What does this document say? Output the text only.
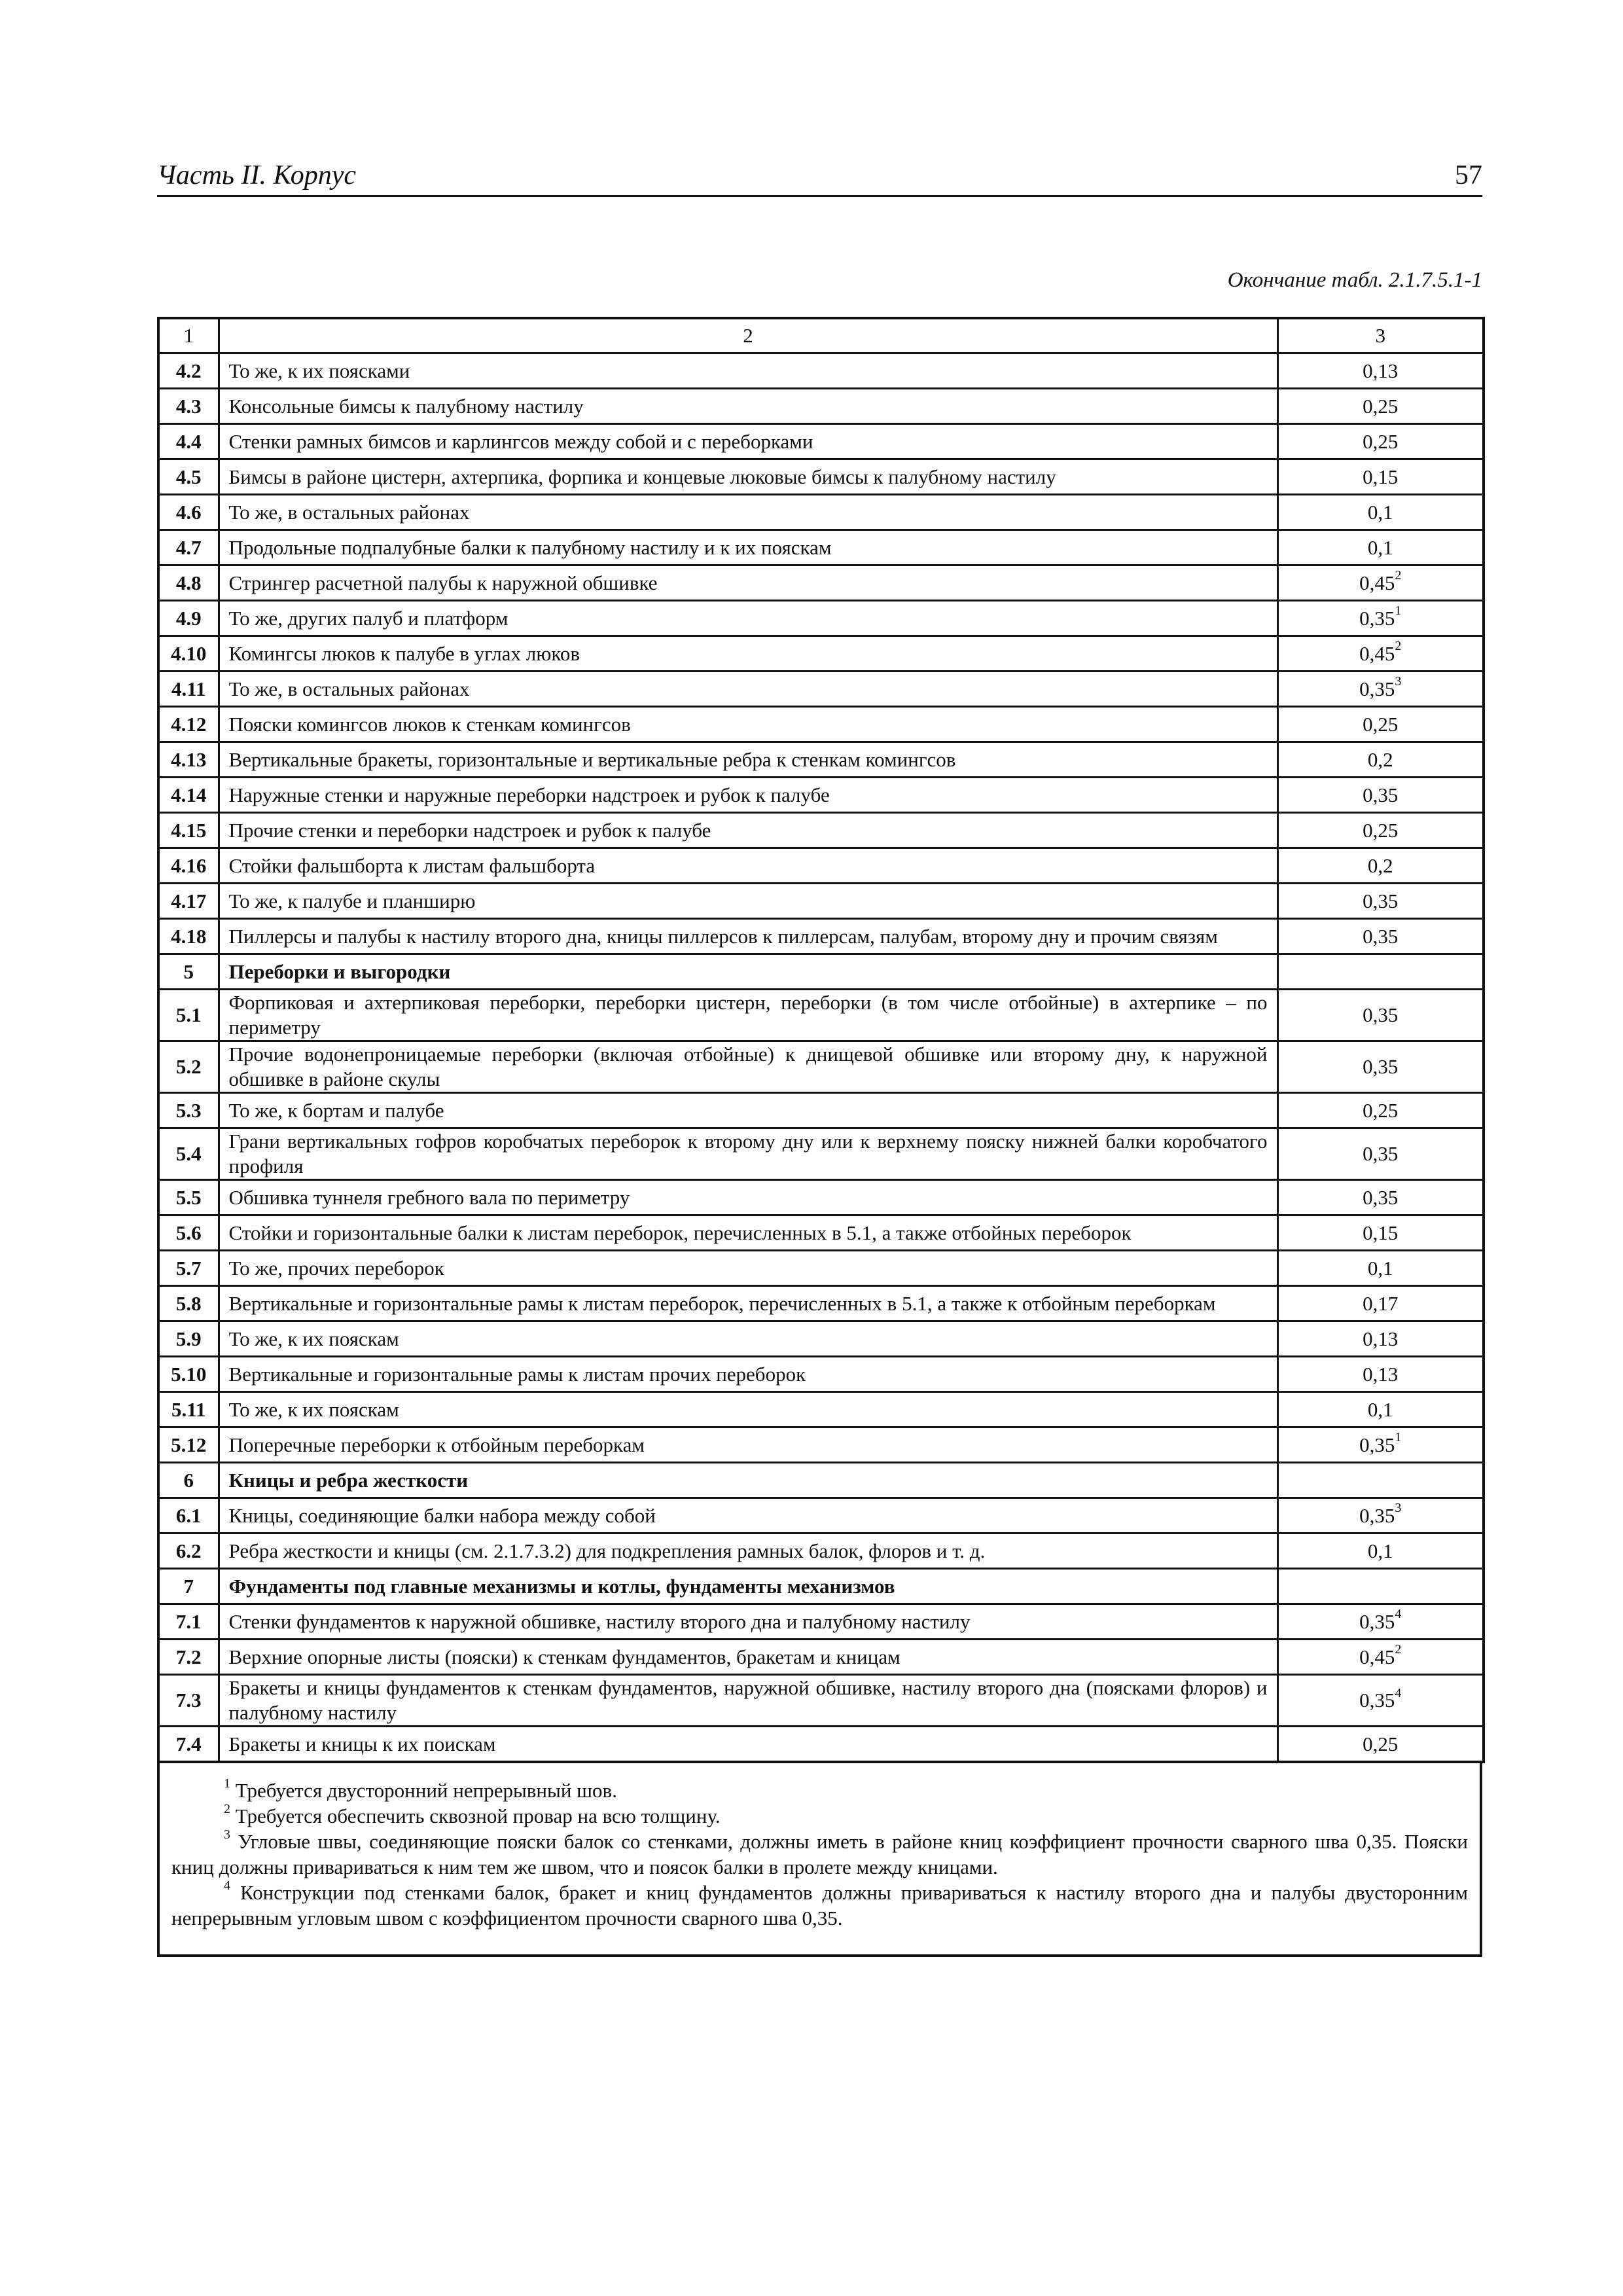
Часть II. Корпус	57
Окончание табл. 2.1.7.5.1-1
1	2	3
4.2	То же, к их поясками	0,13
4.3	Консольные бимсы к палубному настилу	0,25
4.4	Стенки рамных бимсов и карлингсов между собой и с переборками	0,25
4.5	Бимсы в районе цистерн, ахтерпика, форпика и концевые люковые бимсы к палубному настилу	0,15
4.6	То же, в остальных районах	0,1
4.7	Продольные подпалубные балки к палубному настилу и к их пояскам	0,1
4.8	Стрингер расчетной палубы к наружной обшивке	0,45$^2$
4.9	То же, других палуб и платформ	0,35$^1$
4.10	Комингсы люков к палубе в углах люков	0,45$^2$
4.11	То же, в остальных районах	0,35$^3$
4.12	Пояски комингсов люков к стенкам комингсов	0,25
4.13	Вертикальные бракеты, горизонтальные и вертикальные ребра к стенкам комингсов	0,2
4.14	Наружные стенки и наружные переборки надстроек и рубок к палубе	0,35
4.15	Прочие стенки и переборки надстроек и рубок к палубе	0,25
4.16	Стойки фальшборта к листам фальшборта	0,2
4.17	То же, к палубе и планширю	0,35
4.18	Пиллерсы и палубы к настилу второго дна, кницы пиллерсов к пиллерсам, палубам, второму дну и прочим связям	0,35
5	Переборки и выгородки	
5.1	Форпиковая и ахтерпиковая переборки, переборки цистерн, переборки (в том числе отбойные) в ахтерпике – по периметру	0,35
5.2	Прочие водонепроницаемые переборки (включая отбойные) к днищевой обшивке или второму дну, к наружной обшивке в районе скулы	0,35
5.3	То же, к бортам и палубе	0,25
5.4	Грани вертикальных гофров коробчатых переборок к второму дну или к верхнему пояску нижней балки коробчатого профиля	0,35
5.5	Обшивка туннеля гребного вала по периметру	0,35
5.6	Стойки и горизонтальные балки к листам переборок, перечисленных в 5.1, а также отбойных переборок	0,15
5.7	То же, прочих переборок	0,1
5.8	Вертикальные и горизонтальные рамы к листам переборок, перечисленных в 5.1, а также к отбойным переборкам	0,17
5.9	То же, к их пояскам	0,13
5.10	Вертикальные и горизонтальные рамы к листам прочих переборок	0,13
5.11	То же, к их пояскам	0,1
5.12	Поперечные переборки к отбойным переборкам	0,35$^1$
6	Кницы и ребра жесткости	
6.1	Кницы, соединяющие балки набора между собой	0,35$^3$
6.2	Ребра жесткости и кницы (см. 2.1.7.3.2) для подкрепления рамных балок, флоров и т. д.	0,1
7	Фундаменты под главные механизмы и котлы, фундаменты механизмов	
7.1	Стенки фундаментов к наружной обшивке, настилу второго дна и палубному настилу	0,35$^4$
7.2	Верхние опорные листы (пояски) к стенкам фундаментов, бракетам и кницам	0,45$^2$
7.3	Бракеты и кницы фундаментов к стенкам фундаментов, наружной обшивке, настилу второго дна (поясками флоров) и палубному настилу	0,35$^4$
7.4	Бракеты и кницы к их поискам	0,25

$^1$ Требуется двусторонний непрерывный шов.

$^2$ Требуется обеспечить сквозной провар на всю толщину.

$^3$ Угловые швы, соединяющие пояски балок со стенками, должны иметь в районе книц коэффициент прочности сварного шва 0,35. Пояски книц должны привариваться к ним тем же швом, что и поясок балки в пролете между кницами.

$^4$ Конструкции под стенками балок, бракет и книц фундаментов должны привариваться к настилу второго дна и палубы двусторонним непрерывным угловым швом с коэффициентом прочности сварного шва 0,35.
